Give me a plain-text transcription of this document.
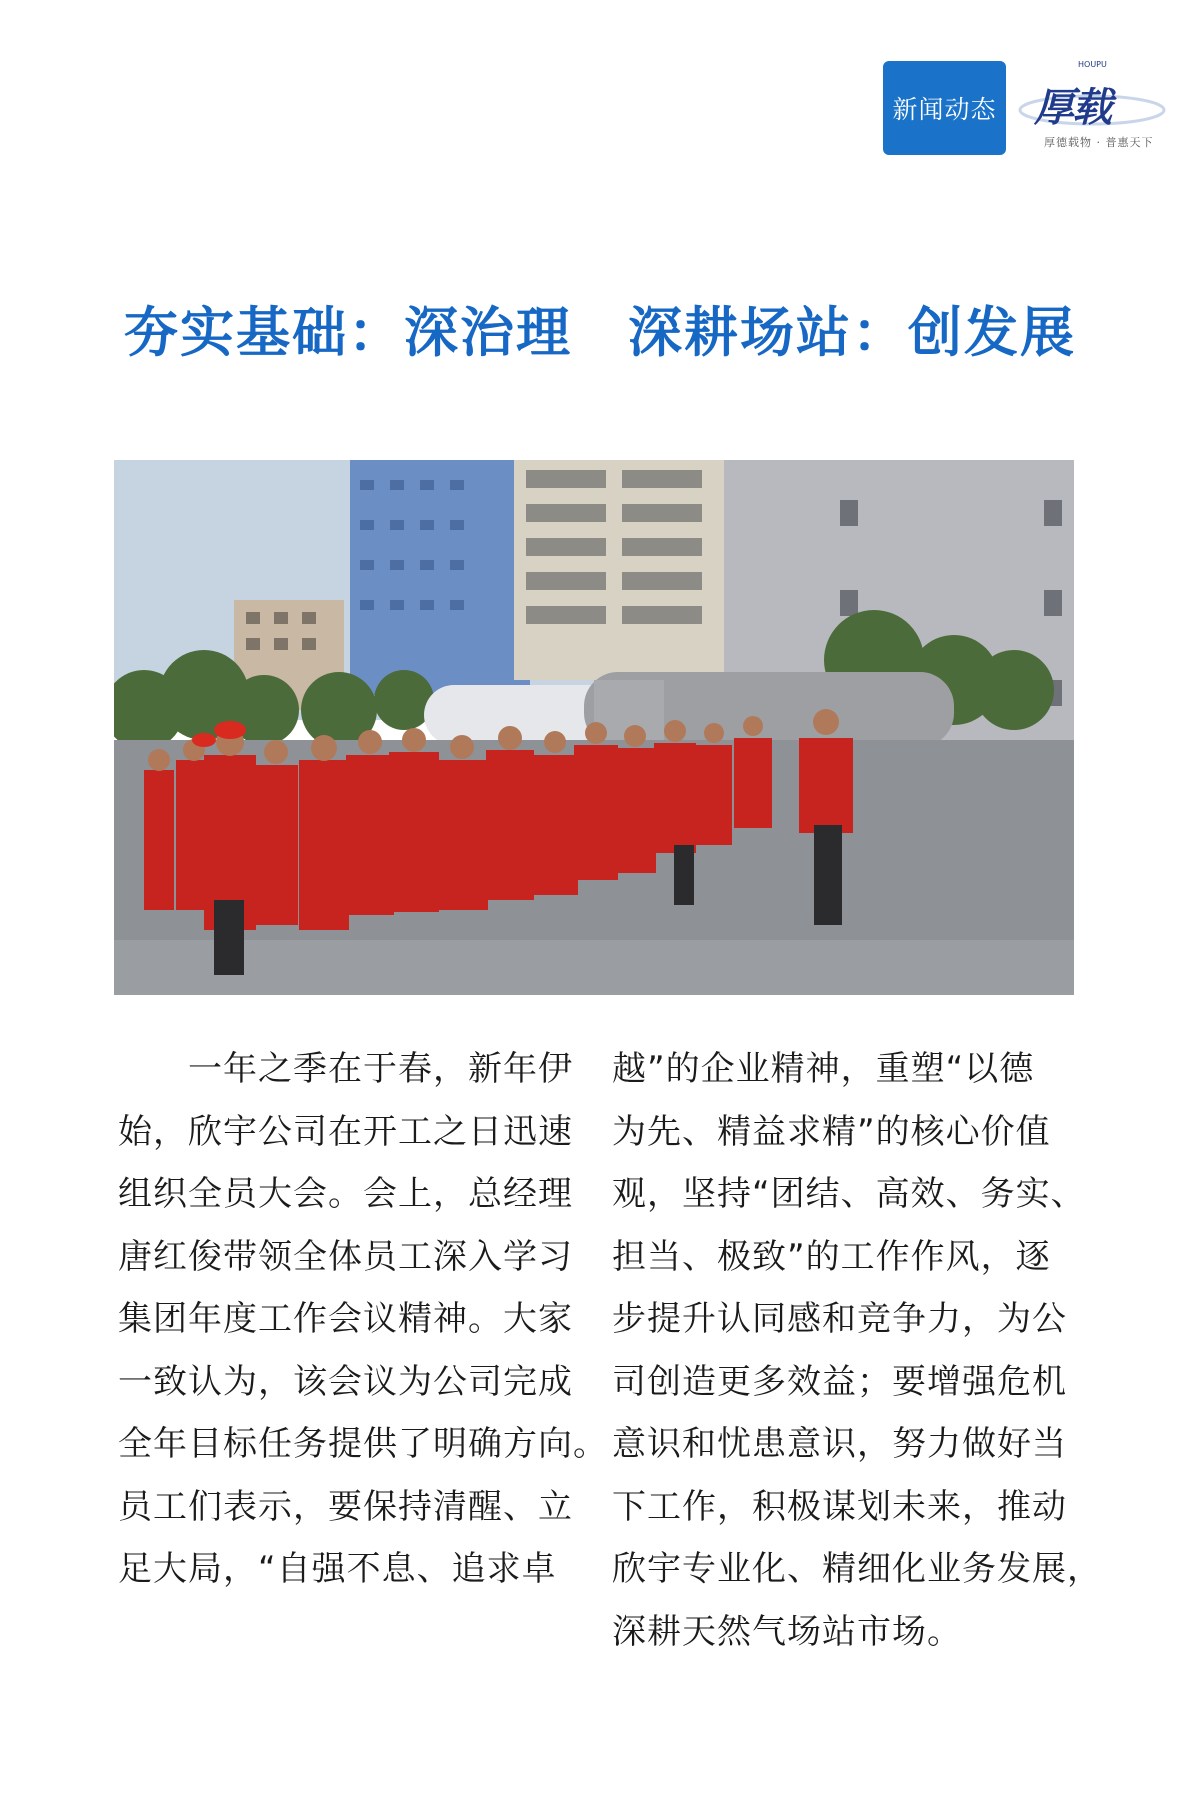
新闻动态
HOUPU
厚载
厚德载物 · 普惠天下
夯实基础：深治理　深耕场站：创发展
　　一年之季在于春，新年伊
始，欣宇公司在开工之日迅速
组织全员大会。会上，总经理
唐红俊带领全体员工深入学习
集团年度工作会议精神。大家
一致认为，该会议为公司完成
全年目标任务提供了明确方向。
员工们表示，要保持清醒、立
足大局，“自强不息、追求卓
越”的企业精神，重塑“以德
为先、精益求精”的核心价值
观，坚持“团结、高效、务实、
担当、极致”的工作作风，逐
步提升认同感和竞争力，为公
司创造更多效益；要增强危机
意识和忧患意识，努力做好当
下工作，积极谋划未来，推动
欣宇专业化、精细化业务发展，
深耕天然气场站市场。
